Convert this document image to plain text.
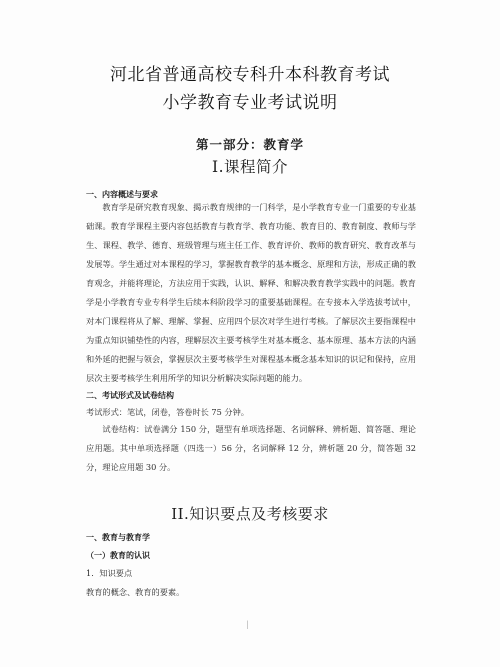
河北省普通高校专科升本科教育考试
小学教育专业考试说明
第一部分：教育学
I.课程简介
一、内容概述与要求

教育学是研究教育现象、揭示教育规律的一门科学，是小学教育专业一门重要的专业基础课。教育学课程主要内容包括教育与教育学、教育功能、教育目的、教育制度、教师与学生、课程、教学、德育、班级管理与班主任工作、教育评价、教师的教育研究、教育改革与发展等。学生通过对本课程的学习，掌握教育教学的基本概念、原理和方法，形成正确的教育观念，并能将理论，方法应用于实践，认识、解释、和解决教育教学实践中的问题。教育学是小学教育专业专科学生后续本科阶段学习的重要基础课程。在专接本入学选拔考试中，对本门课程将从了解、理解、掌握、应用四个层次对学生进行考核。了解层次主要指课程中为重点知识铺垫性的内容，理解层次主要考核学生对基本概念、基本原理、基本方法的内涵和外延的把握与领会，掌握层次主要考核学生对课程基本概念基本知识的识记和保持，应用层次主要考核学生利用所学的知识分析解决实际问题的能力。

二、考试形式及试卷结构
考试形式：笔试，闭卷，答卷时长 75 分钟。

试卷结构：试卷满分 150 分，题型有单项选择题、名词解释、辨析题、简答题、理论应用题。其中单项选择题（四选一）56 分，名词解释 12 分，辨析题 20 分，简答题 32 分，理论应用题 30 分。

II.知识要点及考核要求
一、教育与教育学
（一）教育的认识
1．知识要点
教育的概念、教育的要素。
|
